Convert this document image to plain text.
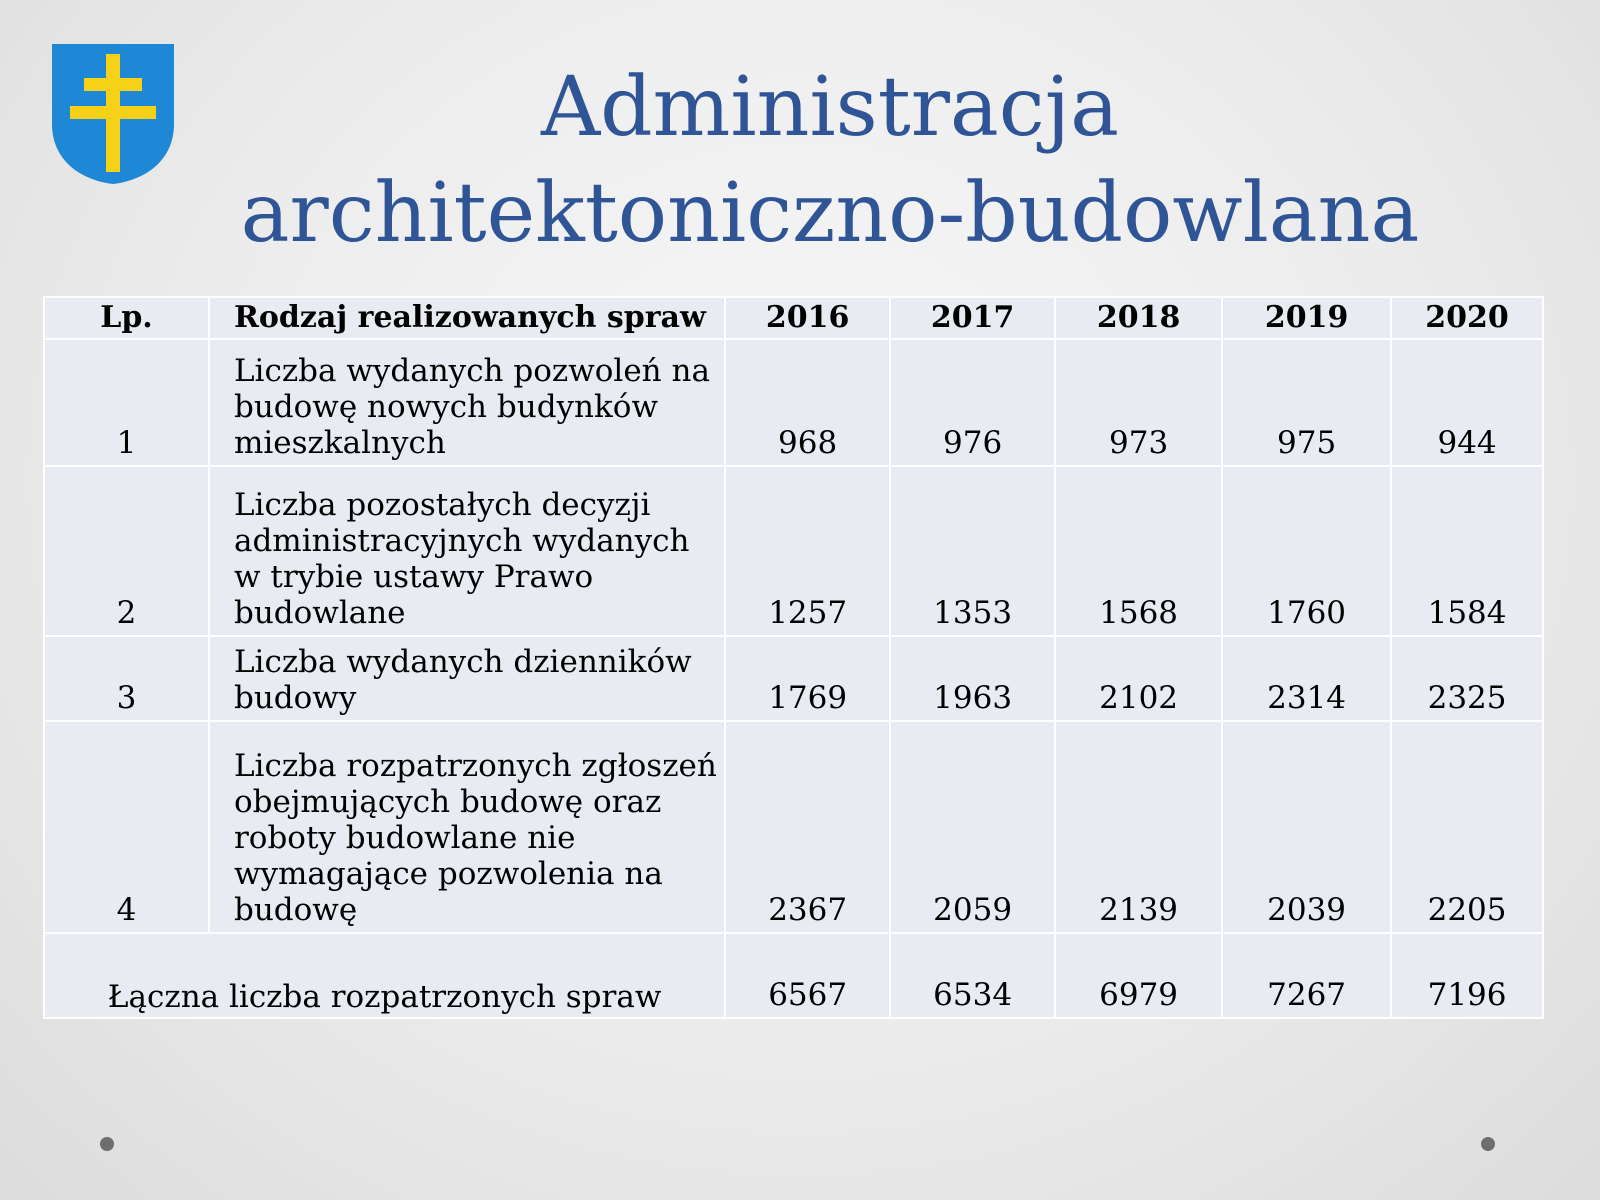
Administracja
architektoniczno-budowlana
Lp.	Rodzaj realizowanych spraw	2016	2017	2018	2019	2020
1	Liczba wydanych pozwoleń na
budowę nowych budynków
mieszkalnych	968	976	973	975	944
2	Liczba pozostałych decyzji
administracyjnych wydanych
w trybie ustawy Prawo
budowlane	1257	1353	1568	1760	1584
3	Liczba wydanych dzienników
budowy	1769	1963	2102	2314	2325
4	Liczba rozpatrzonych zgłoszeń
obejmujących budowę oraz
roboty budowlane nie
wymagające pozwolenia na
budowę	2367	2059	2139	2039	2205
Łączna liczba rozpatrzonych spraw		6567	6534	6979	7267	7196
